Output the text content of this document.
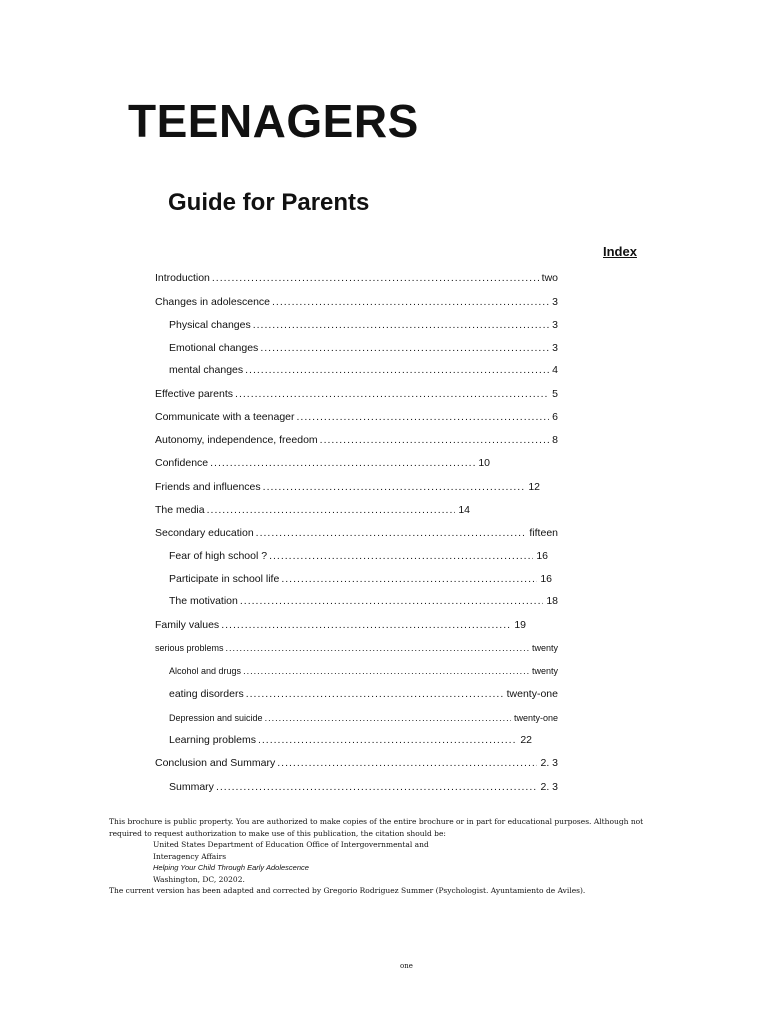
TEENAGERS
Guide for Parents
Index
Introduction .....	two
Changes in adolescence .....	3
Physical changes .....	3
Emotional changes .....	3
mental changes .....	4
Effective parents .....	5
Communicate with a teenager .....	6
Autonomy, independence, freedom .....	8
Confidence .....	10
Friends and influences .....	12
The media .....	14
Secondary education .....	fifteen
Fear of high school ? .....	16
Participate in school life .....	16
The motivation .....	18
Family values .....	19
serious problems .....	twenty
Alcohol and drugs .....	twenty
eating disorders .....	twenty-one
Depression and suicide .....	twenty-one
Learning problems .....	22
Conclusion and Summary .....	2. 3
Summary .....	2. 3

This brochure is public property. You are authorized to make copies of the entire brochure or in part for educational purposes. Although not required to request authorization to make use of this publication, the citation should be:

United States Department of Education Office of Intergovernmental and

Interagency Affairs

Helping Your Child Through Early Adolescence

Washington, DC, 20202.

The current version has been adapted and corrected by Gregorio Rodriguez Summer (Psychologist. Ayuntamiento de Aviles).

one
